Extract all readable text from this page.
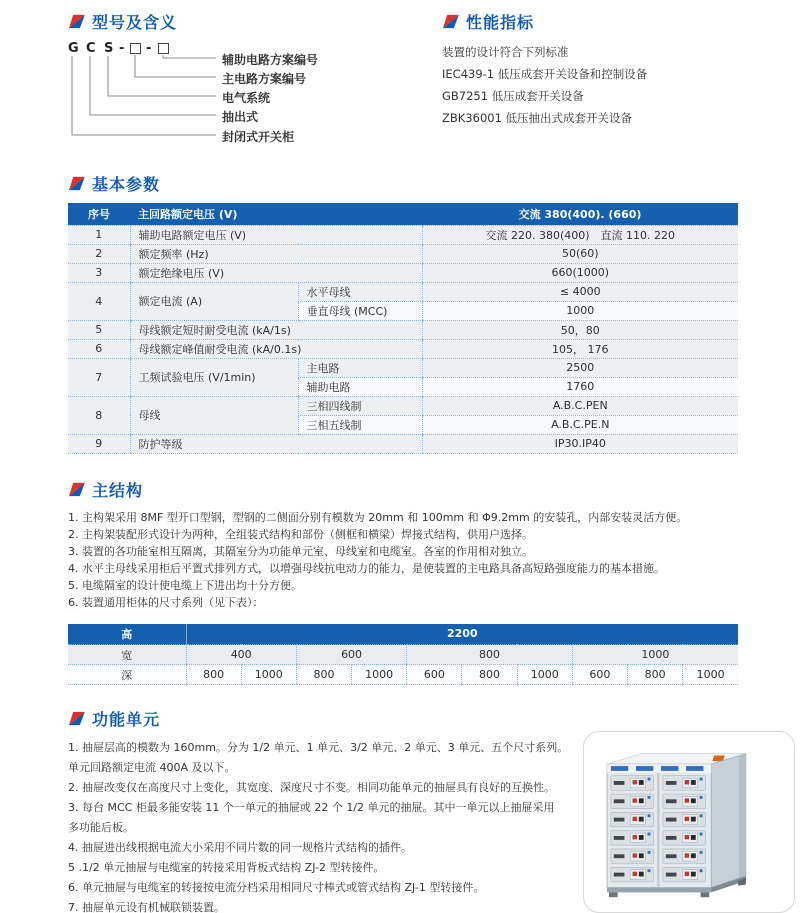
型号及含义
G C S - -
辅助电路方案编号
主电路方案编号
电气系统
抽出式
封闭式开关柜
性能指标
装置的设计符合下列标准
IEC439-1 低压成套开关设备和控制设备
GB7251 低压成套开关设备
ZBK36001 低压抽出式成套开关设备
基本参数
序号	主回路额定电压 (V)		交流 380(400). (660)
1	辅助电路额定电压 (V)		交流 220. 380(400)　直流 110. 220
2	额定频率 (Hz)		50(60)
3	额定绝缘电压 (V)		660(1000)
4	额定电流 (A)	水平母线	≤ 4000
		垂直母线 (MCC)	1000
5	母线额定短时耐受电流 (kA/1s)		50，80
6	母线额定峰值耐受电流 (kA/0.1s)		105， 176
7	工频试验电压 (V/1min)	主电路	2500
		辅助电路	1760
8	母线	三相四线制	A.B.C.PEN
		三相五线制	A.B.C.PE.N
9	防护等级		IP30.IP40
主结构
1. 主构架采用 8MF 型开口型钢，型钢的二侧面分别有模数为 20mm 和 100mm 和 Φ9.2mm 的安装孔，内部安装灵活方便。
2. 主构架装配形式设计为两种，全组装式结构和部份（侧框和横梁）焊接式结构，供用户选择。
3. 装置的各功能室相互隔离，其隔室分为功能单元室、母线室和电缆室。各室的作用相对独立。
4. 水平主母线采用柜后平置式排列方式，以增强母线抗电动力的能力，是使装置的主电路具备高短路强度能力的基本措施。
5. 电缆隔室的设计使电缆上下进出均十分方便。
6. 装置通用柜体的尺寸系列（见下表）：
高	2200									
宽	400		600		800			1000		
深	800	1000	800	1000	600	800	1000	600	800	1000
功能单元
1. 抽屉层高的模数为 160mm。分为 1/2 单元、1 单元、3/2 单元、2 单元、3 单元、五个尺寸系列。
单元回路额定电流 400A 及以下。
2. 抽屉改变仅在高度尺寸上变化，其宽度、深度尺寸不变。相同功能单元的抽屉具有良好的互换性。
3. 每台 MCC 柜最多能安装 11 个一单元的抽屉或 22 个 1/2 单元的抽屉。其中一单元以上抽屉采用
多功能后板。
4. 抽屉进出线根据电流大小采用不同片数的同一规格片式结构的插件。
5 .1/2 单元抽屉与电缆室的转接采用背板式结构 ZJ-2 型转接件。
6. 单元抽屉与电缆室的转接按电流分档采用相同尺寸棒式或管式结构 ZJ-1 型转接件。
7. 抽屉单元设有机械联锁装置。
